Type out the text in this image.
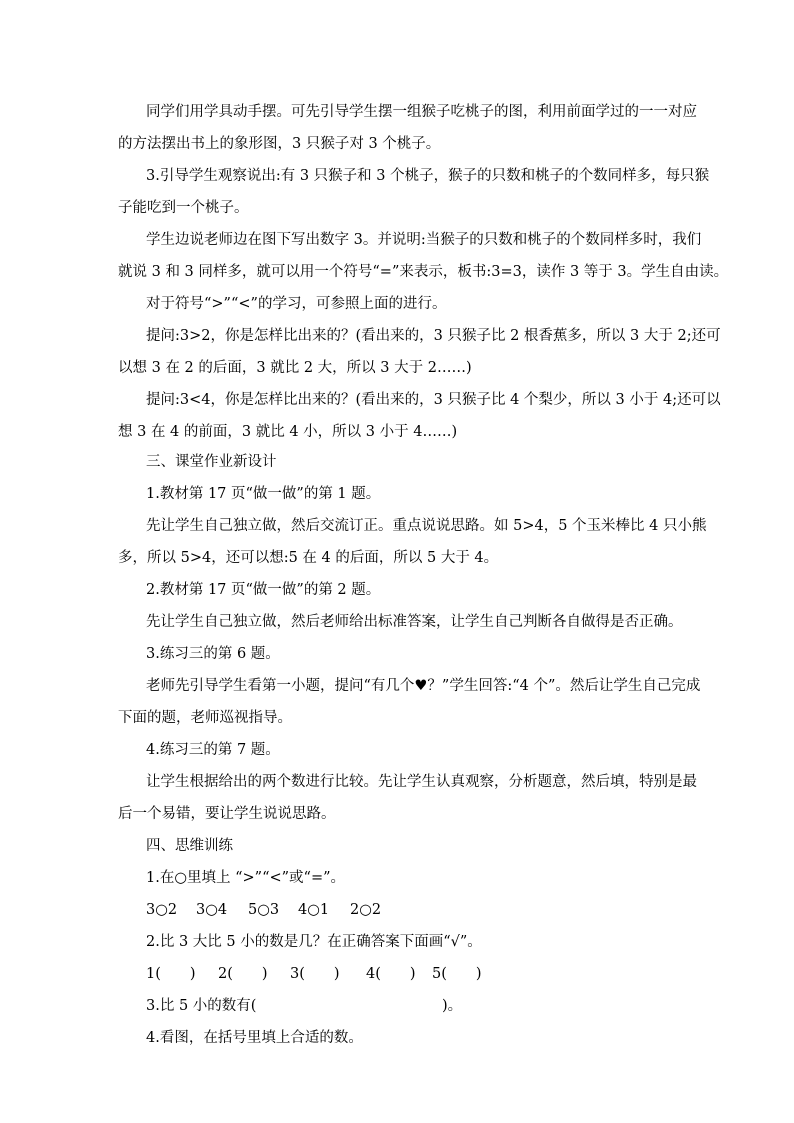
同学们用学具动手摆。可先引导学生摆一组猴子吃桃子的图，利用前面学过的一一对应
的方法摆出书上的象形图，3 只猴子对 3 个桃子。
3.引导学生观察说出:有 3 只猴子和 3 个桃子，猴子的只数和桃子的个数同样多，每只猴
子能吃到一个桃子。
学生边说老师边在图下写出数字 3。并说明:当猴子的只数和桃子的个数同样多时，我们
就说 3 和 3 同样多，就可以用一个符号“=”来表示，板书:3=3，读作 3 等于 3。学生自由读。
对于符号“>”“<”的学习，可参照上面的进行。
提问:3>2，你是怎样比出来的？(看出来的，3 只猴子比 2 根香蕉多，所以 3 大于 2;还可
以想 3 在 2 的后面，3 就比 2 大，所以 3 大于 2……)
提问:3<4，你是怎样比出来的？(看出来的，3 只猴子比 4 个梨少，所以 3 小于 4;还可以
想 3 在 4 的前面，3 就比 4 小，所以 3 小于 4……)
三、课堂作业新设计
1.教材第 17 页“做一做”的第 1 题。
先让学生自己独立做，然后交流订正。重点说说思路。如 5>4，5 个玉米棒比 4 只小熊
多，所以 5>4，还可以想:5 在 4 的后面，所以 5 大于 4。
2.教材第 17 页“做一做”的第 2 题。
先让学生自己独立做，然后老师给出标准答案，让学生自己判断各自做得是否正确。
3.练习三的第 6 题。
老师先引导学生看第一小题，提问“有几个♥？”学生回答:“4 个”。然后让学生自己完成
下面的题，老师巡视指导。
4.练习三的第 7 题。
让学生根据给出的两个数进行比较。先让学生认真观察，分析题意，然后填，特别是最
后一个易错，要让学生说说思路。
四、思维训练
1.在○里填上 “>”“<”或“=”。
3○2	3○4	5○3	4○1	2○2
2.比 3 大比 5 小的数是几？在正确答案下面画“√”。
1(　　)	2(　　)	3(　　)	4(　　)	5(　　)
3.比 5 小的数有(	)。
4.看图，在括号里填上合适的数。
